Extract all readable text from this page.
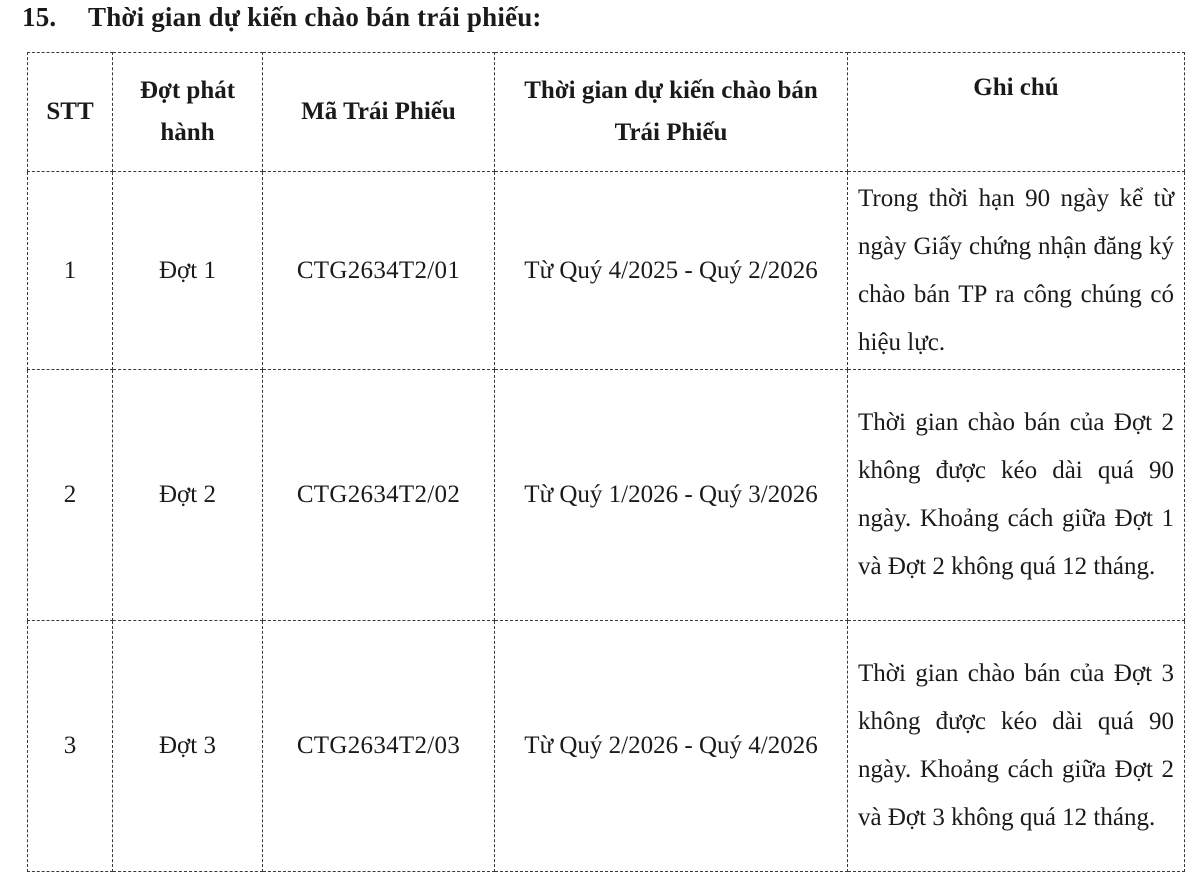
15. Thời gian dự kiến chào bán trái phiếu:
STT	Đợt phát hành	Mã Trái Phiếu	Thời gian dự kiến chào bán Trái Phiếu	Ghi chú
1	Đợt 1	CTG2634T2/01	Từ Quý 4/2025 - Quý 2/2026	Trong thời hạn 90 ngày kể từ ngày Giấy chứng nhận đăng ký chào bán TP ra công chúng có hiệu lực.
2	Đợt 2	CTG2634T2/02	Từ Quý 1/2026 - Quý 3/2026	Thời gian chào bán của Đợt 2 không được kéo dài quá 90 ngày. Khoảng cách giữa Đợt 1 và Đợt 2 không quá 12 tháng.
3	Đợt 3	CTG2634T2/03	Từ Quý 2/2026 - Quý 4/2026	Thời gian chào bán của Đợt 3 không được kéo dài quá 90 ngày. Khoảng cách giữa Đợt 2 và Đợt 3 không quá 12 tháng.
